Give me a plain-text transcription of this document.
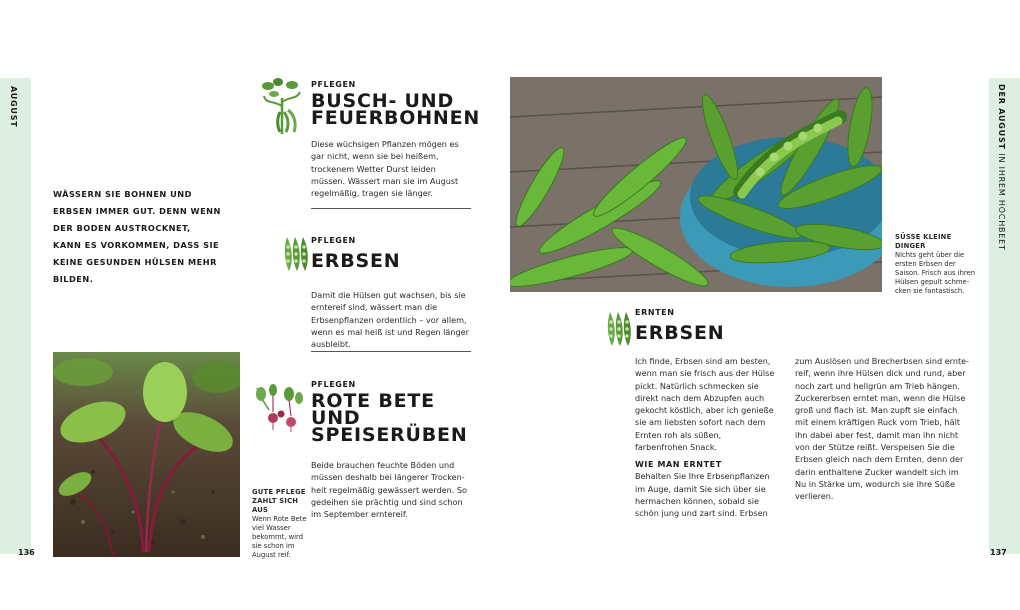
AUGUST
136
DER AUGUST IN IHREM HOCHBEET
137
WÄSSERN SIE BOHNEN UND ERBSEN IMMER GUT. DENN WENN DER BODEN AUSTROCKNET, KANN ES VORKOMMEN, DASS SIE KEINE GESUNDEN HÜLSEN MEHR BILDEN.
PFLEGEN
BUSCH- UND
FEUERBOHNEN
Diese wüchsigen Pflanzen mögen es gar nicht, wenn sie bei heißem, trockenem Wetter Durst leiden müssen. Wässert man sie im August regelmäßig, tragen sie länger.
PFLEGEN
ERBSEN
Damit die Hülsen gut wachsen, bis sie erntereif sind, wässert man die Erbsenpflanzen ordentlich – vor allem, wenn es mal heiß ist und Regen länger ausbleibt.
PFLEGEN
ROTE BETE
UND
SPEISERÜBEN
Beide brauchen feuchte Böden und müssen deshalb bei längerer Trockenheit regelmäßig gewässert werden. So gedeihen sie prächtig und sind schon im September erntereif.
GUTE PFLEGE ZAHLT SICH AUS
Wenn Rote Bete viel Wasser bekommt, wird sie schon im August reif.
SÜSSE KLEINE DINGER
Nichts geht über die ersten Erbsen der Saison. Frisch aus ihren Hülsen gepult schmecken sie fantastisch.
ERNTEN
ERBSEN
Ich finde, Erbsen sind am besten, wenn man sie frisch aus der Hülse pickt. Natürlich schmecken sie direkt nach dem Abzupfen auch gekocht köstlich, aber ich genieße sie am liebsten sofort nach dem Ernten roh als süßen, farbenfrohen Snack.
WIE MAN ERNTET
Behalten Sie Ihre Erbsenpflanzen im Auge, damit Sie sich über sie hermachen können, sobald sie schön jung und zart sind. Erbsen
zum Auslösen und Brecherbsen sind erntereif, wenn ihre Hülsen dick und rund, aber noch zart und hellgrün am Trieb hängen. Zuckererbsen erntet man, wenn die Hülse groß und flach ist. Man zupft sie einfach mit einem kräftigen Ruck vom Trieb, hält ihn dabei aber fest, damit man ihn nicht von der Stütze reißt. Verspeisen Sie die Erbsen gleich nach dem Ernten, denn der darin enthaltene Zucker wandelt sich im Nu in Stärke um, wodurch sie ihre Süße verlieren.
